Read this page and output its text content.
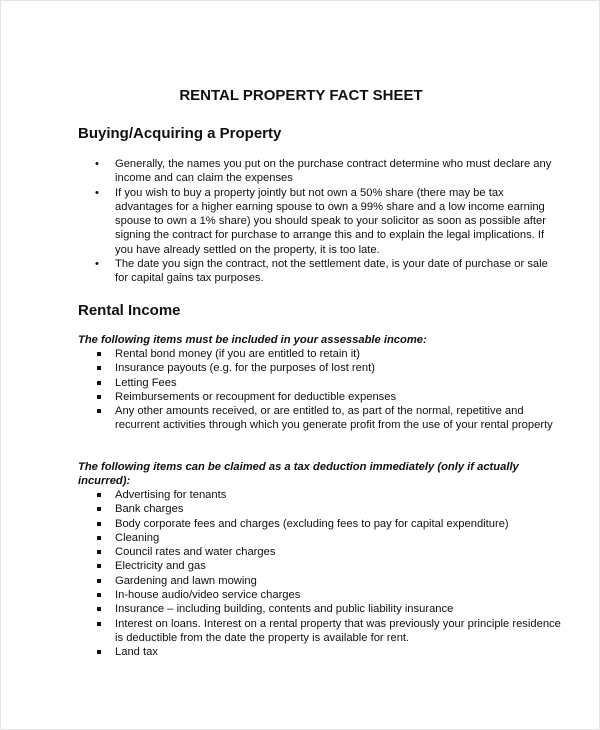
RENTAL PROPERTY FACT SHEET
Buying/Acquiring a Property
• Generally, the names you put on the purchase contract determine who must declare any income and can claim the expenses
• If you wish to buy a property jointly but not own a 50% share (there may be tax advantages for a higher earning spouse to own a 99% share and a low income earning spouse to own a 1% share) you should speak to your solicitor as soon as possible after signing the contract for purchase to arrange this and to explain the legal implications. If you have already settled on the property, it is too late.
• The date you sign the contract, not the settlement date, is your date of purchase or sale for capital gains tax purposes.
Rental Income

The following items must be included in your assessable income:

Rental bond money (if you are entitled to retain it)
Insurance payouts (e.g. for the purposes of lost rent)
Letting Fees
Reimbursements or recoupment for deductible expenses
Any other amounts received, or are entitled to, as part of the normal, repetitive and recurrent activities through which you generate profit from the use of your rental property

The following items can be claimed as a tax deduction immediately (only if actually incurred):

Advertising for tenants
Bank charges
Body corporate fees and charges (excluding fees to pay for capital expenditure)
Cleaning
Council rates and water charges
Electricity and gas
Gardening and lawn mowing
In-house audio/video service charges
Insurance – including building, contents and public liability insurance
Interest on loans. Interest on a rental property that was previously your principle residence is deductible from the date the property is available for rent.
Land tax
